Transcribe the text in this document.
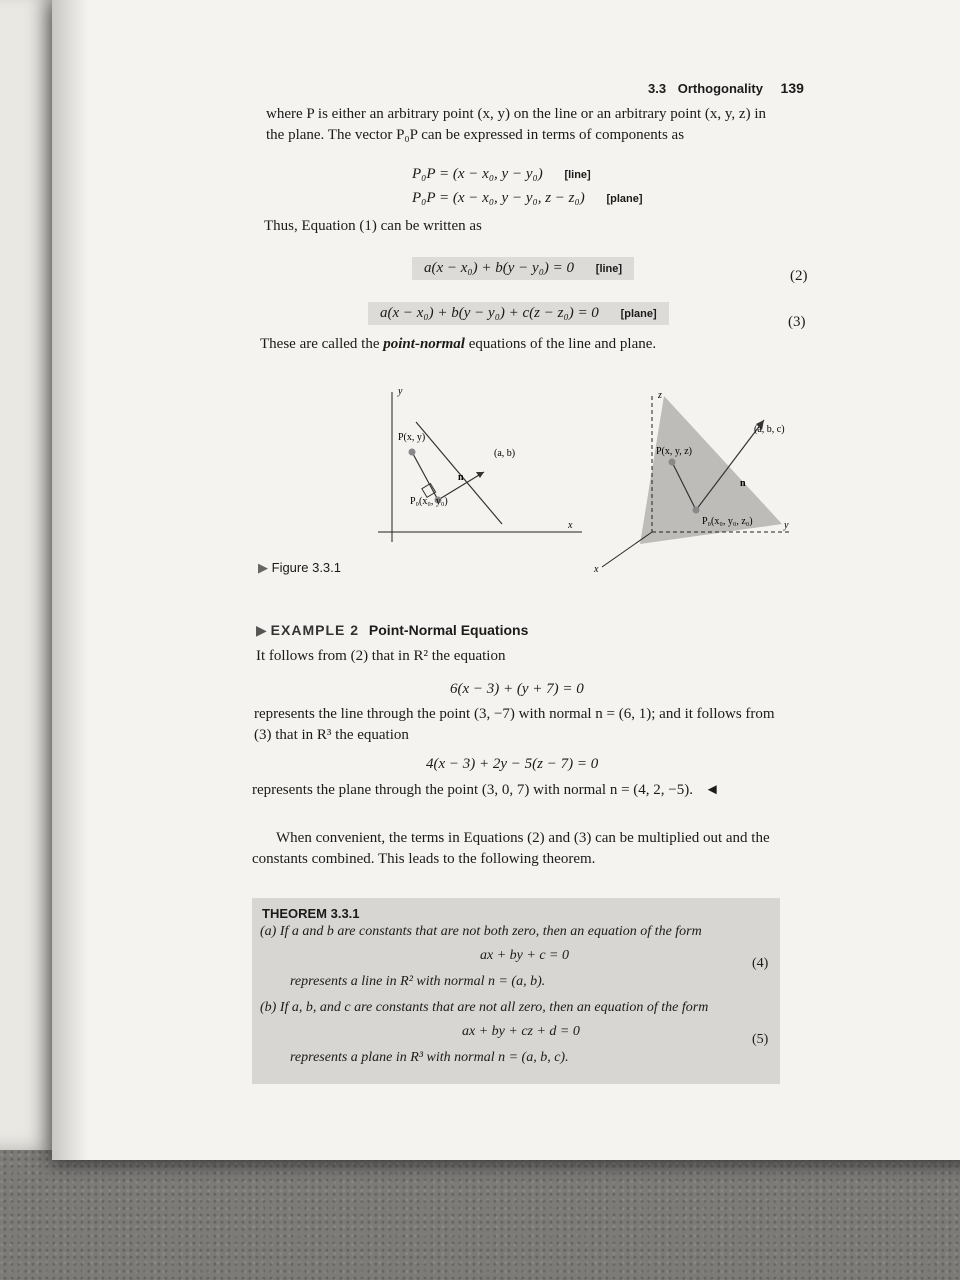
3.3 Orthogonality 139
where P is either an arbitrary point (x, y) on the line or an arbitrary point (x, y, z) in
the plane. The vector P₀P can be expressed in terms of components as
P₀P = (x − x₀, y − y₀) [line]
P₀P = (x − x₀, y − y₀, z − z₀) [plane]
Thus, Equation (1) can be written as
a(x − x₀) + b(y − y₀) = 0 [line]	(2)
a(x − x₀) + b(y − y₀) + c(z − z₀) = 0 [plane]	(3)
These are called the point-normal equations of the line and plane.
y
x
P(x, y)
(a, b)
n
P₀(x₀, y₀)
z
x
y
P(x, y, z)
(a, b, c)
n
P₀(x₀, y₀, z₀)
▶ Figure 3.3.1
▶ EXAMPLE 2 Point-Normal Equations
It follows from (2) that in R² the equation
6(x − 3) + (y + 7) = 0
represents the line through the point (3, −7) with normal n = (6, 1); and it follows from
(3) that in R³ the equation
4(x − 3) + 2y − 5(z − 7) = 0
represents the plane through the point (3, 0, 7) with normal n = (4, 2, −5). ◄
When convenient, the terms in Equations (2) and (3) can be multiplied out and the
constants combined. This leads to the following theorem.
THEOREM 3.3.1
(a) If a and b are constants that are not both zero, then an equation of the form
ax + by + c = 0
(4)
represents a line in R² with normal n = (a, b).
(b) If a, b, and c are constants that are not all zero, then an equation of the form
ax + by + cz + d = 0
(5)
represents a plane in R³ with normal n = (a, b, c).
